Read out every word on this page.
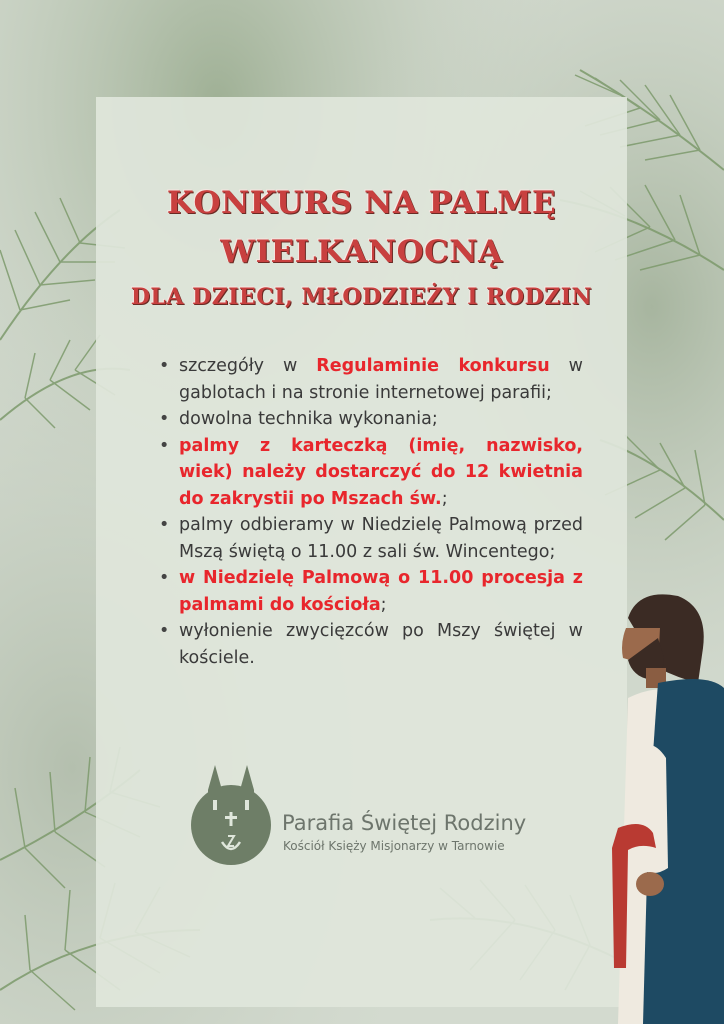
KONKURS NA PALMĘ
WIELKANOCNĄ
DLA DZIECI, MŁODZIEŻY I RODZIN
• szczegóły w Regulaminie konkursu w gablotach i na stronie internetowej parafii;
• dowolna technika wykonania;
• palmy z karteczką (imię, nazwisko, wiek) należy dostarczyć do 12 kwietnia do zakrystii po Mszach św.;
• palmy odbieramy w Niedzielę Palmową przed Mszą świętą o 11.00 z sali św. Wincentego;
• w Niedzielę Palmową o 11.00 procesja z palmami do kościoła;
• wyłonienie zwycięzców po Mszy świętej w kościele.
Parafia Świętej Rodziny
Kościół Księży Misjonarzy w Tarnowie
